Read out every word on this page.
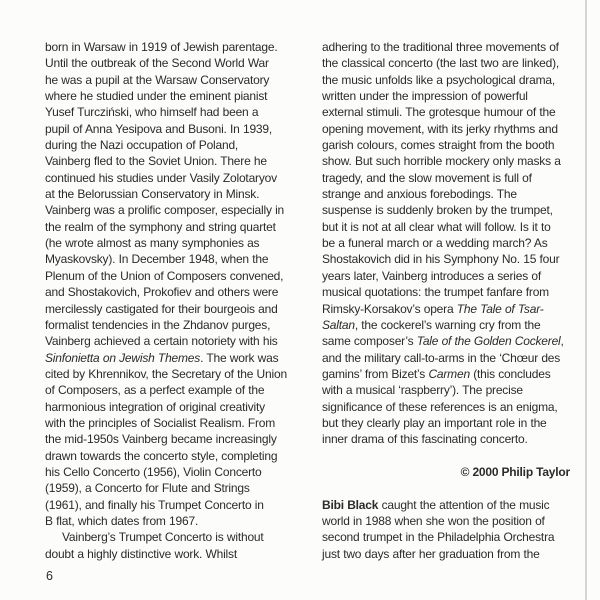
born in Warsaw in 1919 of Jewish parentage.
Until the outbreak of the Second World War
he was a pupil at the Warsaw Conservatory
where he studied under the eminent pianist
Yusef Turcziński, who himself had been a
pupil of Anna Yesipova and Busoni. In 1939,
during the Nazi occupation of Poland,
Vainberg fled to the Soviet Union. There he
continued his studies under Vasily Zolotaryov
at the Belorussian Conservatory in Minsk.
Vainberg was a prolific composer, especially in
the realm of the symphony and string quartet
(he wrote almost as many symphonies as
Myaskovsky). In December 1948, when the
Plenum of the Union of Composers convened,
and Shostakovich, Prokofiev and others were
mercilessly castigated for their bourgeois and
formalist tendencies in the Zhdanov purges,
Vainberg achieved a certain notoriety with his
Sinfonietta on Jewish Themes. The work was
cited by Khrennikov, the Secretary of the Union
of Composers, as a perfect example of the
harmonious integration of original creativity
with the principles of Socialist Realism. From
the mid-1950s Vainberg became increasingly
drawn towards the concerto style, completing
his Cello Concerto (1956), Violin Concerto
(1959), a Concerto for Flute and Strings
(1961), and finally his Trumpet Concerto in
B flat, which dates from 1967.
Vainberg’s Trumpet Concerto is without
doubt a highly distinctive work. Whilst
adhering to the traditional three movements of
the classical concerto (the last two are linked),
the music unfolds like a psychological drama,
written under the impression of powerful
external stimuli. The grotesque humour of the
opening movement, with its jerky rhythms and
garish colours, comes straight from the booth
show. But such horrible mockery only masks a
tragedy, and the slow movement is full of
strange and anxious forebodings. The
suspense is suddenly broken by the trumpet,
but it is not at all clear what will follow. Is it to
be a funeral march or a wedding march? As
Shostakovich did in his Symphony No. 15 four
years later, Vainberg introduces a series of
musical quotations: the trumpet fanfare from
Rimsky-Korsakov’s opera The Tale of Tsar-
Saltan, the cockerel’s warning cry from the
same composer’s Tale of the Golden Cockerel,
and the military call-to-arms in the ‘Chœur des
gamins’ from Bizet’s Carmen (this concludes
with a musical ‘raspberry’). The precise
significance of these references is an enigma,
but they clearly play an important role in the
inner drama of this fascinating concerto.
© 2000 Philip Taylor
Bibi Black caught the attention of the music
world in 1988 when she won the position of
second trumpet in the Philadelphia Orchestra
just two days after her graduation from the
6
